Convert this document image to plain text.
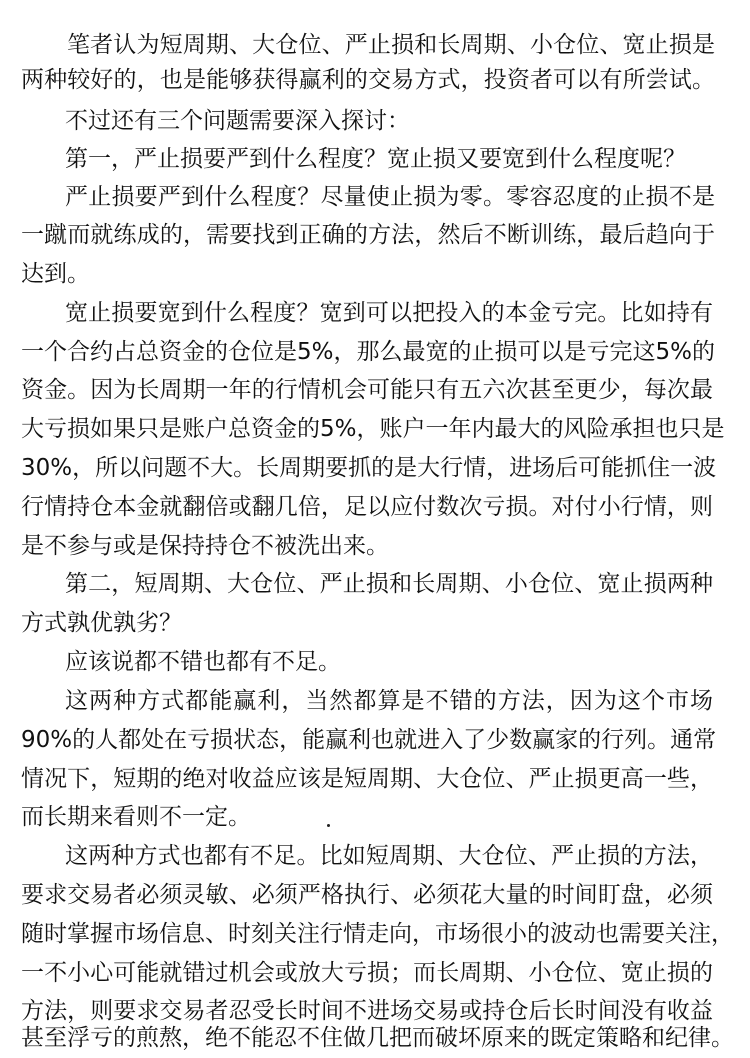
笔者认为短周期、大仓位、严止损和长周期、小仓位、宽止损是
两种较好的，也是能够获得赢利的交易方式，投资者可以有所尝试。
不过还有三个问题需要深入探讨：
第一，严止损要严到什么程度？宽止损又要宽到什么程度呢？
严止损要严到什么程度？尽量使止损为零。零容忍度的止损不是
一蹴而就练成的，需要找到正确的方法，然后不断训练，最后趋向于
达到。
宽止损要宽到什么程度？宽到可以把投入的本金亏完。比如持有
一个合约占总资金的仓位是5%，那么最宽的止损可以是亏完这5%的
资金。因为长周期一年的行情机会可能只有五六次甚至更少，每次最
大亏损如果只是账户总资金的5%，账户一年内最大的风险承担也只是
30%，所以问题不大。长周期要抓的是大行情，进场后可能抓住一波
行情持仓本金就翻倍或翻几倍，足以应付数次亏损。对付小行情，则
是不参与或是保持持仓不被洗出来。
第二，短周期、大仓位、严止损和长周期、小仓位、宽止损两种
方式孰优孰劣？
应该说都不错也都有不足。
这两种方式都能赢利，当然都算是不错的方法，因为这个市场
90%的人都处在亏损状态，能赢利也就进入了少数赢家的行列。通常
情况下，短期的绝对收益应该是短周期、大仓位、严止损更高一些，
而长期来看则不一定。
这两种方式也都有不足。比如短周期、大仓位、严止损的方法，
要求交易者必须灵敏、必须严格执行、必须花大量的时间盯盘，必须
随时掌握市场信息、时刻关注行情走向，市场很小的波动也需要关注，
一不小心可能就错过机会或放大亏损；而长周期、小仓位、宽止损的
方法，则要求交易者忍受长时间不进场交易或持仓后长时间没有收益
甚至浮亏的煎熬，绝不能忍不住做几把而破坏原来的既定策略和纪律。
